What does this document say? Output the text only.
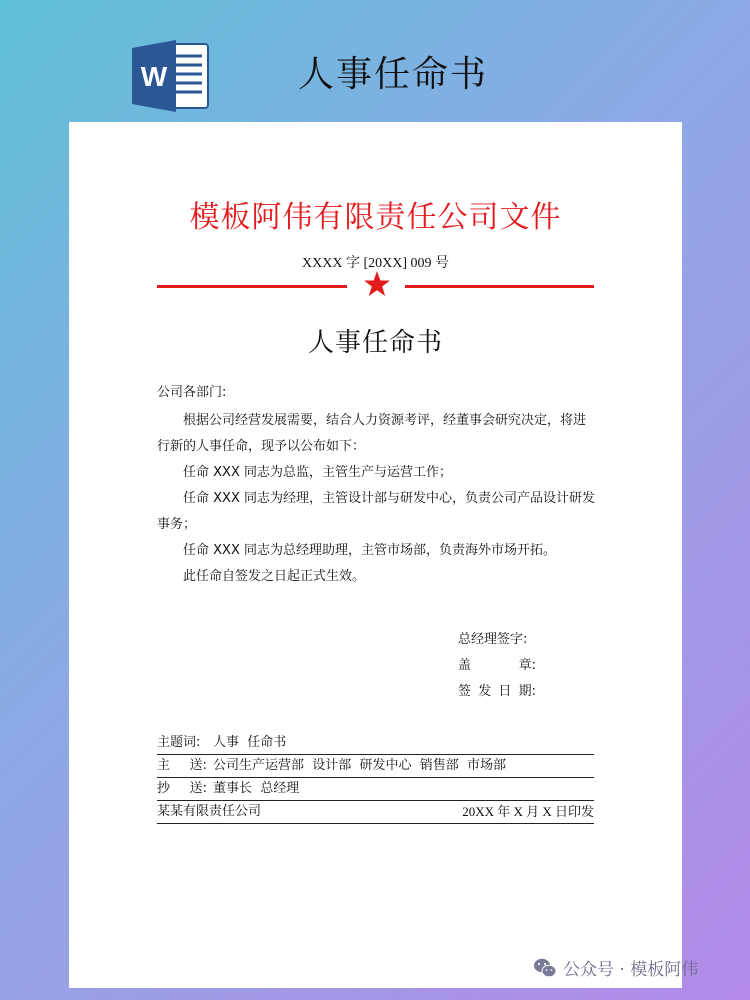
W	人事任命书
模板阿伟有限责任公司文件
XXXX 字 [20XX] 009 号
人事任命书
公司各部门:

根据公司经营发展需要，结合人力资源考评，经董事会研究决定，将进行新的人事任命，现予以公布如下：

任命 XXX 同志为总监，主管生产与运营工作；

任命 XXX 同志为经理，主管设计部与研发中心，负责公司产品设计研发事务；

任命 XXX 同志为总经理助理，主管市场部，负责海外市场开拓。

此任命自签发之日起正式生效。

总经理签字:
盖	章:
签 发 日 期:
主题词: 人事  任命书
主 送: 公司生产运营部  设计部  研发中心  销售部  市场部
抄 送: 董事长  总经理
某某有限责任公司	20XX 年 X 月 X 日印发
公众号 · 模板阿伟
